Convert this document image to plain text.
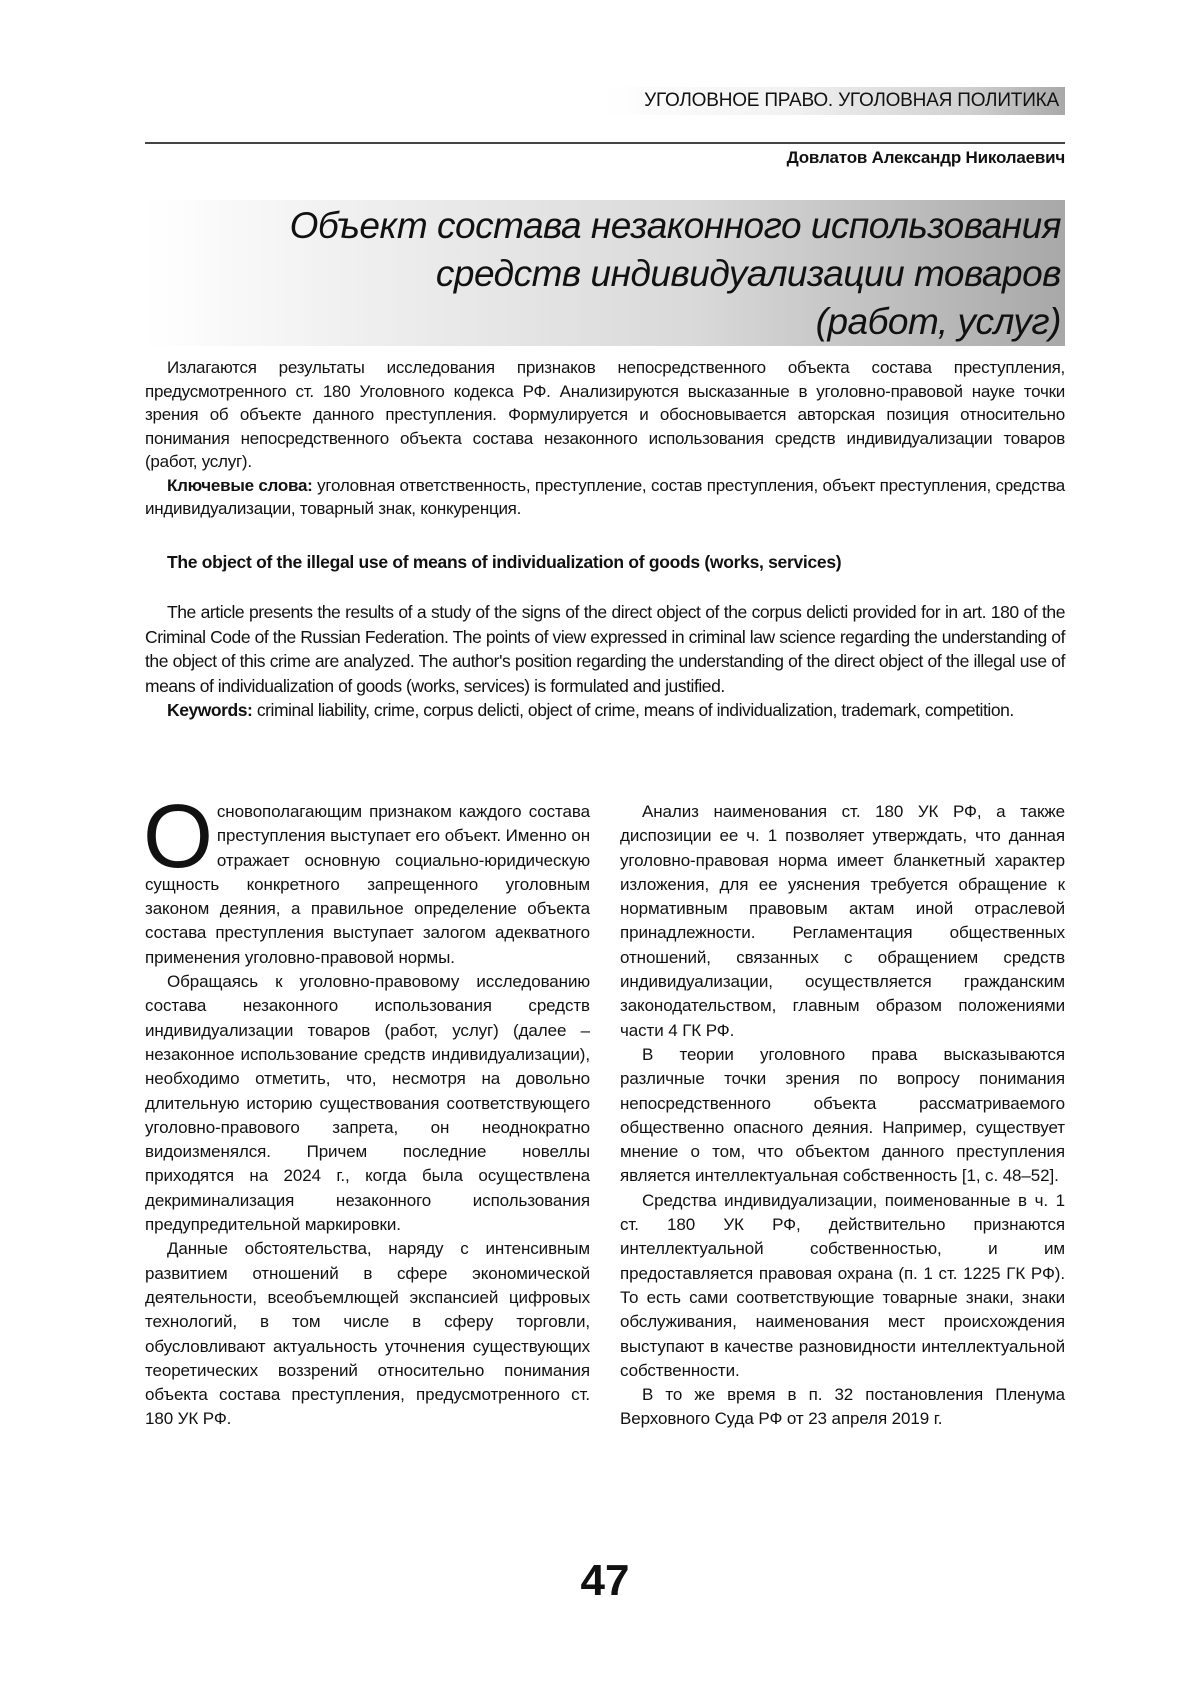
УГОЛОВНОЕ ПРАВО. УГОЛОВНАЯ ПОЛИТИКА
Довлатов Александр Николаевич
Объект состава незаконного использования
средств индивидуализации товаров
(работ, услуг)

Излагаются результаты исследования признаков непосредственного объекта состава преступления, предусмотренного ст. 180 Уголовного кодекса РФ. Анализируются высказанные в уголовно-правовой науке точки зрения об объекте данного преступления. Формулируется и обосновывается авторская позиция относительно понимания непосредственного объекта состава незаконного использования средств индивидуализации товаров (работ, услуг).

Ключевые слова: уголовная ответственность, преступление, состав преступления, объект преступления, средства индивидуализации, товарный знак, конкуренция.

The object of the illegal use of means of individualization of goods (works, services)

The article presents the results of a study of the signs of the direct object of the corpus delicti provided for in art. 180 of the Criminal Code of the Russian Federation. The points of view expressed in criminal law science regarding the understanding of the object of this crime are analyzed. The author's position regarding the understanding of the direct object of the illegal use of means of individualization of goods (works, services) is formulated and justified.

Keywords: criminal liability, crime, corpus delicti, object of crime, means of individualization, trademark, competition.

Основополагающим признаком каждого состава преступления выступает его объект. Именно он отражает основную социально-юридическую сущность конкретного запрещенного уголовным законом деяния, а правильное определение объекта состава преступления выступает залогом адекватного применения уголовно-правовой нормы.

Обращаясь к уголовно-правовому исследованию состава незаконного использования средств индивидуализации товаров (работ, услуг) (далее – незаконное использование средств индивидуализации), необходимо отметить, что, несмотря на довольно длительную историю существования соответствующего уголовно-правового запрета, он неоднократно видоизменялся. Причем последние новеллы приходятся на 2024 г., когда была осуществлена декриминализация незаконного использования предупредительной маркировки.

Данные обстоятельства, наряду с интенсивным развитием отношений в сфере экономической деятельности, всеобъемлющей экспансией цифровых технологий, в том числе в сферу торговли, обусловливают актуальность уточнения существующих теоретических воззрений относительно понимания объекта состава преступления, предусмотренного ст. 180 УК РФ.

Анализ наименования ст. 180 УК РФ, а также диспозиции ее ч. 1 позволяет утверждать, что данная уголовно-правовая норма имеет бланкетный характер изложения, для ее уяснения требуется обращение к нормативным правовым актам иной отраслевой принадлежности. Регламентация общественных отношений, связанных с обращением средств индивидуализации, осуществляется гражданским законодательством, главным образом положениями части 4 ГК РФ.

В теории уголовного права высказываются различные точки зрения по вопросу понимания непосредственного объекта рассматриваемого общественно опасного деяния. Например, существует мнение о том, что объектом данного преступления является интеллектуальная собственность [1, с. 48–52].

Средства индивидуализации, поименованные в ч. 1 ст. 180 УК РФ, действительно признаются интеллектуальной собственностью, и им предоставляется правовая охрана (п. 1 ст. 1225 ГК РФ). То есть сами соответствующие товарные знаки, знаки обслуживания, наименования мест происхождения выступают в качестве разновидности интеллектуальной собственности.

В то же время в п. 32 постановления Пленума Верховного Суда РФ от 23 апреля 2019 г.

47
